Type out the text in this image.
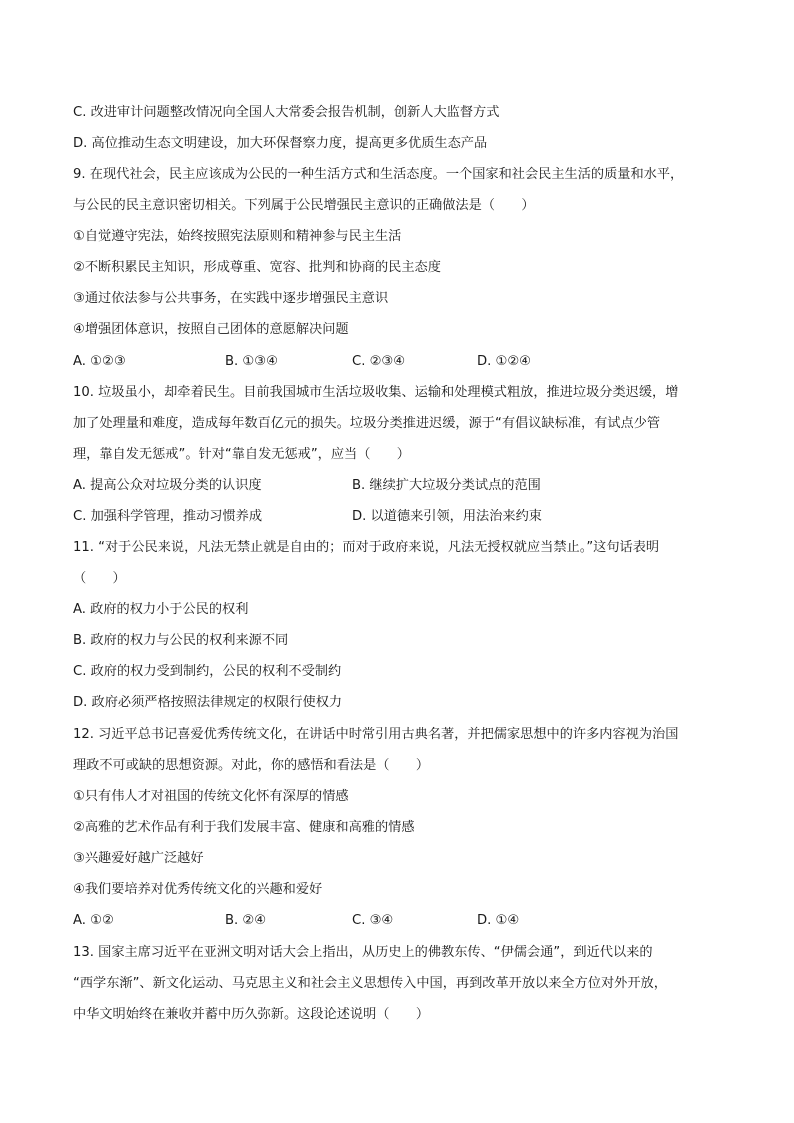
C. 改进审计问题整改情况向全国人大常委会报告机制，创新人大监督方式
D. 高位推动生态文明建设，加大环保督察力度，提高更多优质生态产品
9. 在现代社会，民主应该成为公民的一种生活方式和生活态度。一个国家和社会民主生活的质量和水平，
与公民的民主意识密切相关。下列属于公民增强民主意识的正确做法是（　　）
①自觉遵守宪法，始终按照宪法原则和精神参与民主生活
②不断积累民主知识，形成尊重、宽容、批判和协商的民主态度
③通过依法参与公共事务，在实践中逐步增强民主意识
④增强团体意识，按照自己团体的意愿解决问题
A. ①②③	B. ①③④	C. ②③④	D. ①②④
10. 垃圾虽小，却牵着民生。目前我国城市生活垃圾收集、运输和处理模式粗放，推进垃圾分类迟缓，增
加了处理量和难度，造成每年数百亿元的损失。垃圾分类推进迟缓，源于“有倡议缺标准，有试点少管
理，靠自发无惩戒”。针对“靠自发无惩戒”，应当（　　）
A. 提高公众对垃圾分类的认识度	B. 继续扩大垃圾分类试点的范围
C. 加强科学管理，推动习惯养成	D. 以道德来引领，用法治来约束
11. “对于公民来说，凡法无禁止就是自由的；而对于政府来说，凡法无授权就应当禁止。”这句话表明
（　　）
A. 政府的权力小于公民的权利
B. 政府的权力与公民的权利来源不同
C. 政府的权力受到制约，公民的权利不受制约
D. 政府必须严格按照法律规定的权限行使权力
12. 习近平总书记喜爱优秀传统文化，在讲话中时常引用古典名著，并把儒家思想中的许多内容视为治国
理政不可或缺的思想资源。对此，你的感悟和看法是（　　）
①只有伟人才对祖国的传统文化怀有深厚的情感
②高雅的艺术作品有利于我们发展丰富、健康和高雅的情感
③兴趣爱好越广泛越好
④我们要培养对优秀传统文化的兴趣和爱好
A. ①②	B. ②④	C. ③④	D. ①④
13. 国家主席习近平在亚洲文明对话大会上指出，从历史上的佛教东传、“伊儒会通”，到近代以来的
“西学东渐”、新文化运动、马克思主义和社会主义思想传入中国，再到改革开放以来全方位对外开放，
中华文明始终在兼收并蓄中历久弥新。这段论述说明（　　）
